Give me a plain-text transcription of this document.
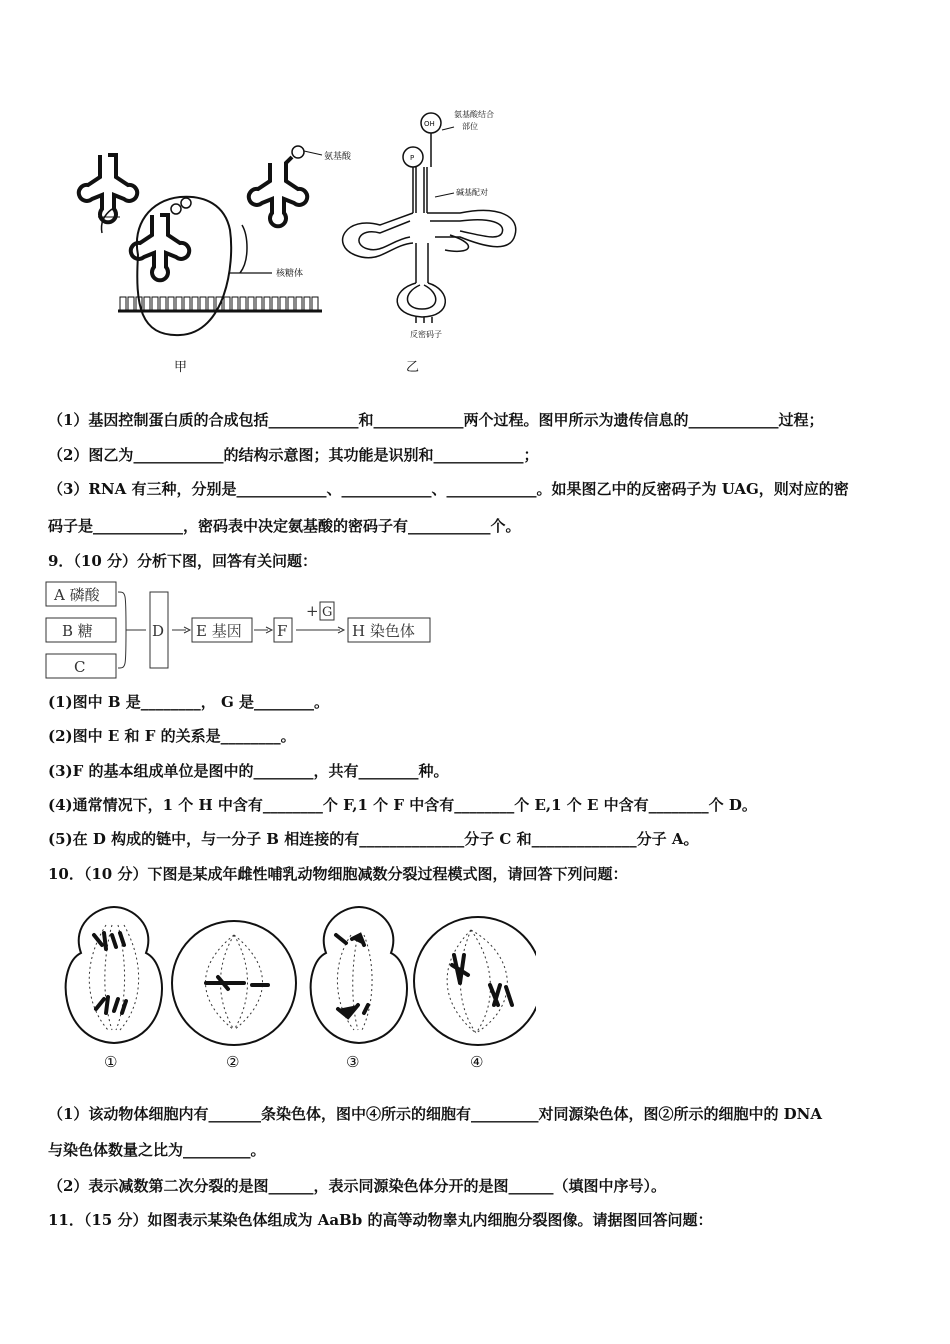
氨基酸
核糖体
甲
OH
P
氨基酸结合
部位
碱基配对
反密码子
乙
（1）基因控制蛋白质的合成包括____________和____________两个过程。图甲所示为遗传信息的____________过程；
（2）图乙为____________的结构示意图；其功能是识别和____________；
（3）RNA 有三种，分别是____________、____________、____________。如果图乙中的反密码子为 UAG，则对应的密
码子是____________，密码表中决定氨基酸的密码子有___________个。
9．（10 分）分析下图，回答有关问题：
A 磷酸
B 糖
C
D E 基因 F
+ G
H 染色体
(1)图中 B 是________， G 是________。
(2)图中 E 和 F 的关系是________。
(3)F 的基本组成单位是图中的________，共有________种。
(4)通常情况下，1 个 H 中含有________个 F,1 个 F 中含有________个 E,1 个 E 中含有________个 D。
(5)在 D 构成的链中，与一分子 B 相连接的有______________分子 C 和______________分子 A。
10．（10 分）下图是某成年雌性哺乳动物细胞减数分裂过程模式图，请回答下列问题：
①	②	③	④
（1）该动物体细胞内有_______条染色体，图中④所示的细胞有_________对同源染色体，图②所示的细胞中的 DNA
与染色体数量之比为_________。
（2）表示减数第二次分裂的是图______，表示同源染色体分开的是图______（填图中序号）。
11．（15 分）如图表示某染色体组成为 AaBb 的高等动物睾丸内细胞分裂图像。请据图回答问题：
